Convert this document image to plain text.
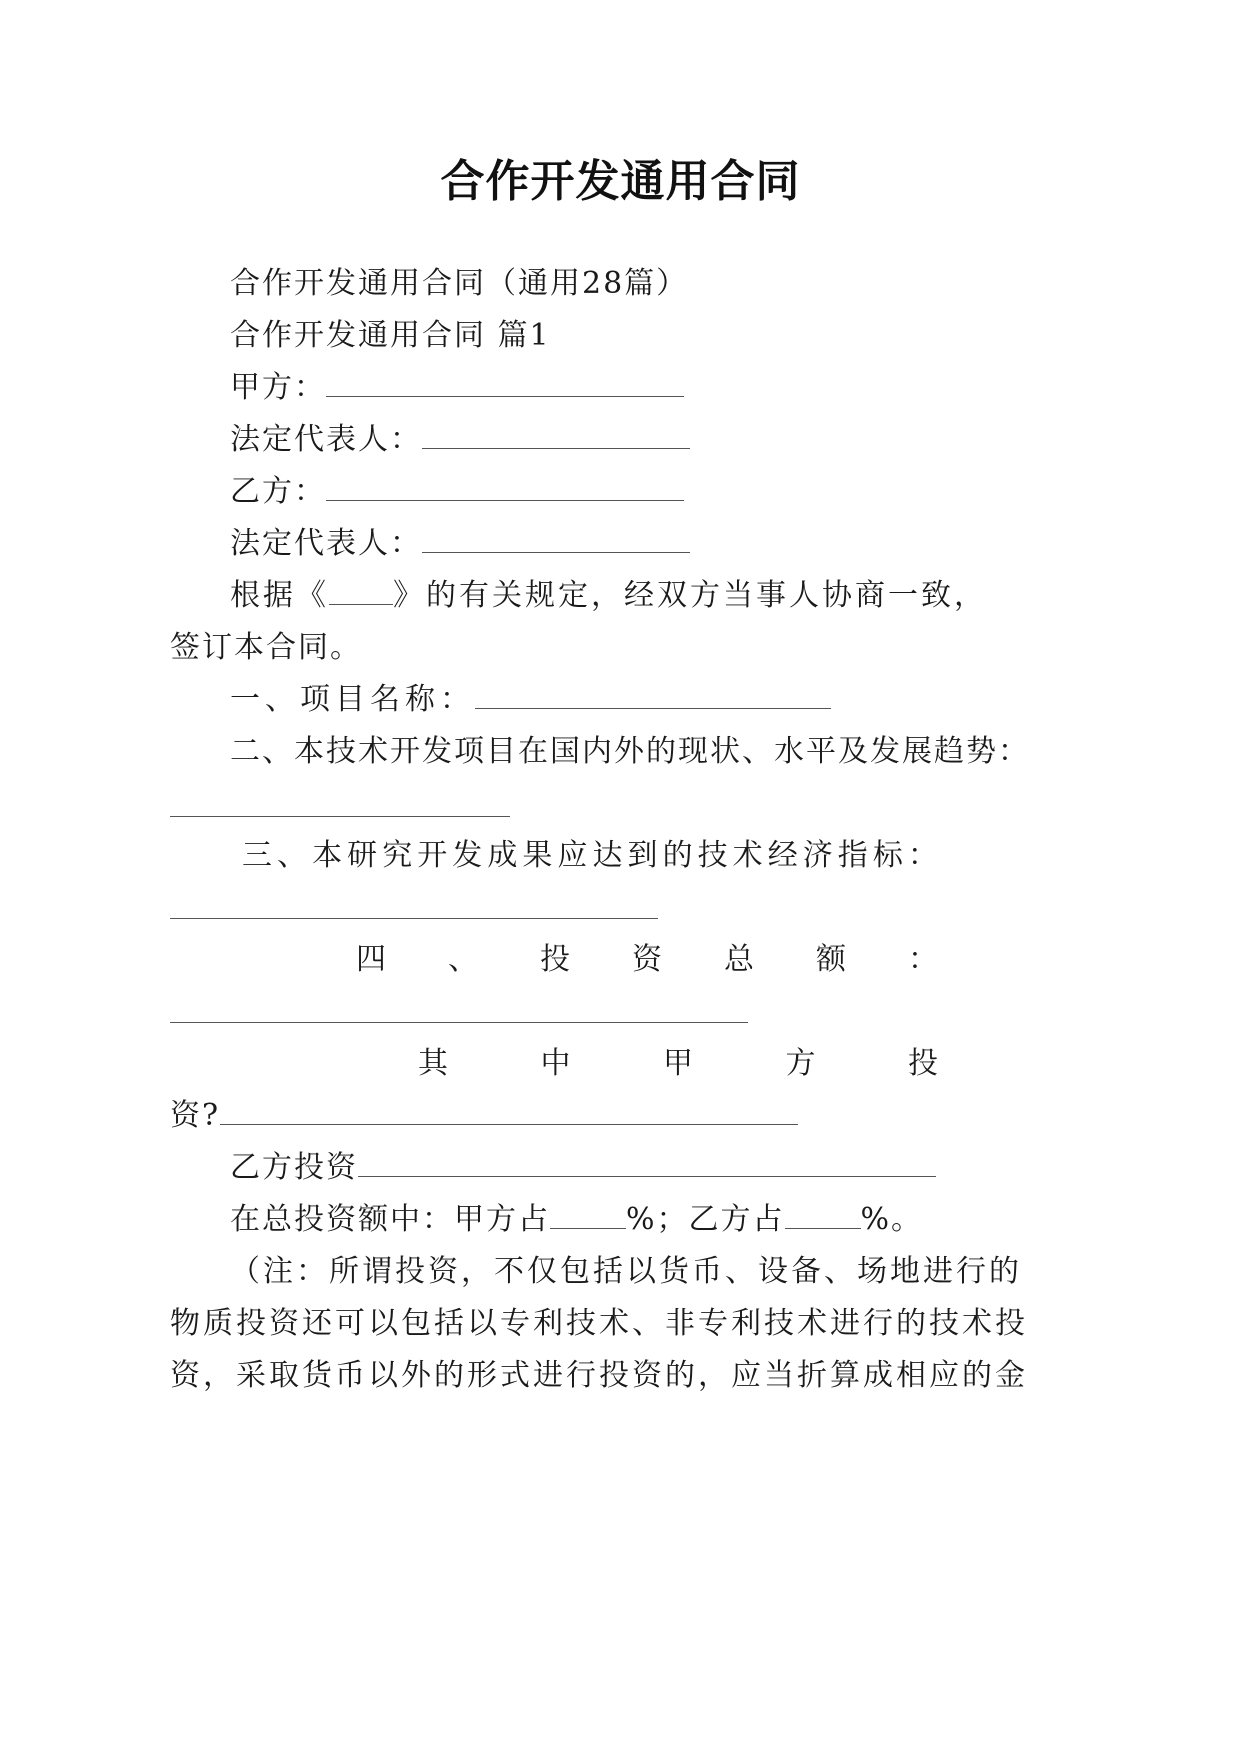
合作开发通用合同
合作开发通用合同（通用28篇）
合作开发通用合同 篇1
甲方：
法定代表人：
乙方：
法定代表人：
根据《 》的有关规定，经双方当事人协商一致，
签订本合同。
一、项目名称：
二、本技术开发项目在国内外的现状、水平及发展趋势：
三 、 本 研 究 开 发 成 果 应 达 到 的 技 术 经 济 指 标 ：
四 、 投 资 总 额 ：
其	中	甲	方	投
资?
乙方投资
在总投资额中：甲方占	%；乙方占	%。
（注：所谓投资，不仅包括以货币、设备、场地进行的
物质投资还可以包括以专利技术、非专利技术进行的技术投
资，采取货币以外的形式进行投资的，应当折算成相应的金
